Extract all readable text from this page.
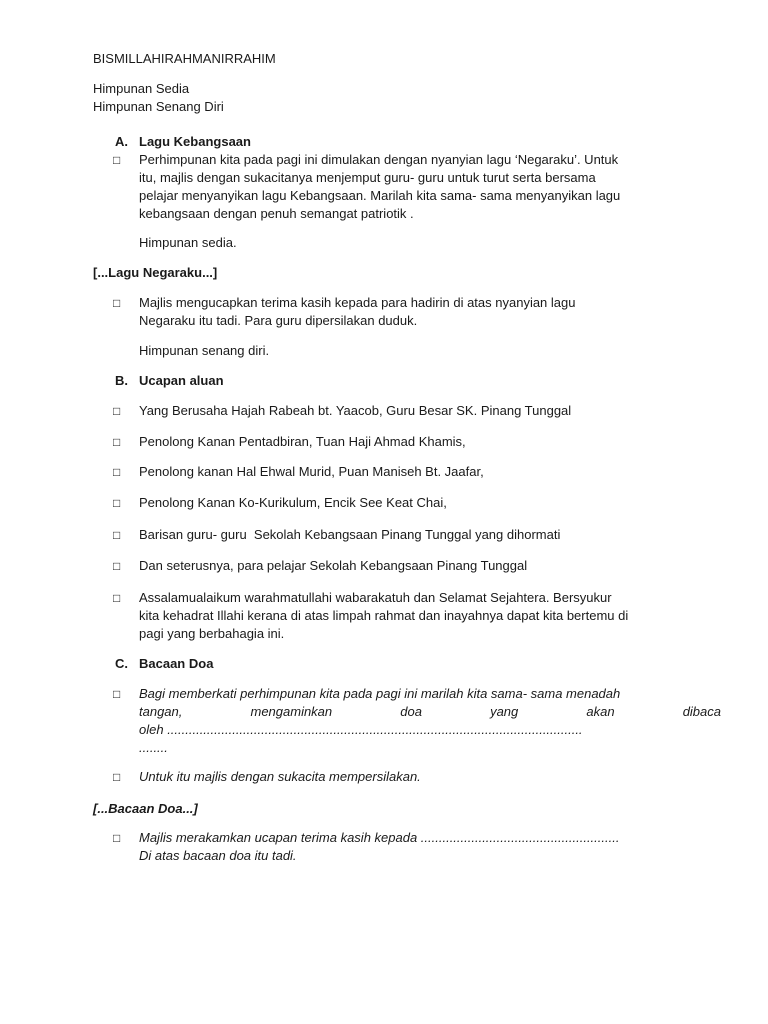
BISMILLAHIRAHMANIRRAHIM
Himpunan Sedia
Himpunan Senang Diri
A. Lagu Kebangsaan
□ Perhimpunan kita pada pagi ini dimulakan dengan nyanyian lagu ‘Negaraku’. Untuk
itu, majlis dengan sukacitanya menjemput guru- guru untuk turut serta bersama
pelajar menyanyikan lagu Kebangsaan. Marilah kita sama- sama menyanyikan lagu
kebangsaan dengan penuh semangat patriotik .
Himpunan sedia.
[...Lagu Negaraku...]
□ Majlis mengucapkan terima kasih kepada para hadirin di atas nyanyian lagu
Negaraku itu tadi. Para guru dipersilakan duduk.
Himpunan senang diri.
B. Ucapan aluan
□ Yang Berusaha Hajah Rabeah bt. Yaacob, Guru Besar SK. Pinang Tunggal
□ Penolong Kanan Pentadbiran, Tuan Haji Ahmad Khamis,
□ Penolong kanan Hal Ehwal Murid, Puan Maniseh Bt. Jaafar,
□ Penolong Kanan Ko-Kurikulum, Encik See Keat Chai,
□ Barisan guru- guru  Sekolah Kebangsaan Pinang Tunggal yang dihormati
□ Dan seterusnya, para pelajar Sekolah Kebangsaan Pinang Tunggal
□ Assalamualaikum warahmatullahi wabarakatuh dan Selamat Sejahtera. Bersyukur
kita kehadrat Illahi kerana di atas limpah rahmat dan inayahnya dapat kita bertemu di
pagi yang berbahagia ini.
C. Bacaan Doa
□ Bagi memberkati perhimpunan kita pada pagi ini marilah kita sama- sama menadah
tangan,	mengaminkan	doa	yang	akan	dibaca
oleh ...................................................................................................................
........
□ Untuk itu majlis dengan sukacita mempersilakan.
[...Bacaan Doa...]
□ Majlis merakamkan ucapan terima kasih kepada .......................................................
Di atas bacaan doa itu tadi.
